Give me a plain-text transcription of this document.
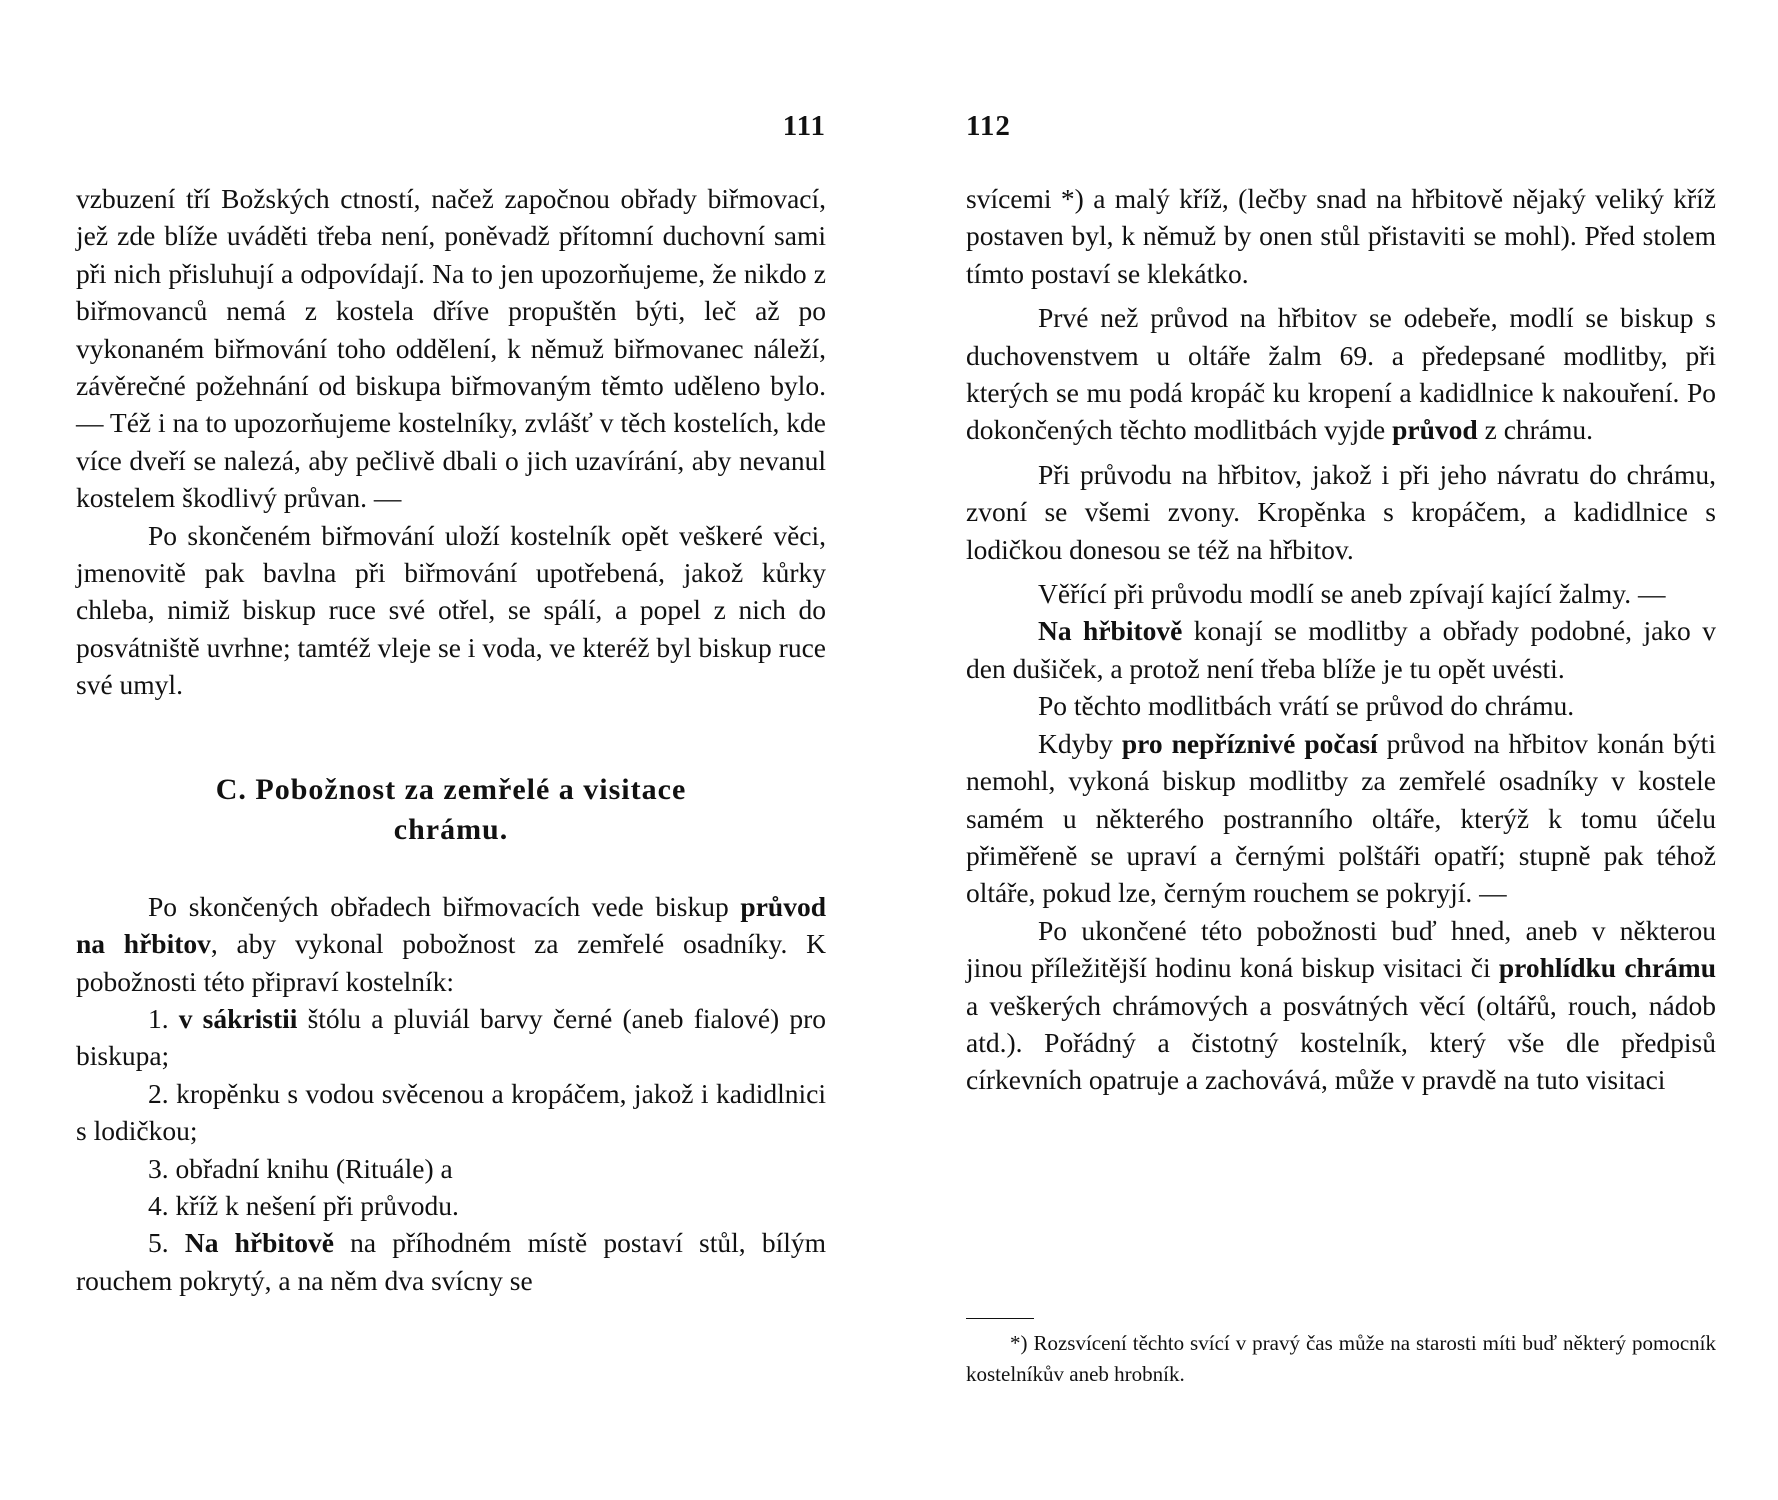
111

vzbuzení tří Božských ctností, načež započnou obřady biřmovací, jež zde blíže uváděti třeba není, poněvadž přítomní duchovní sami při nich přisluhují a odpovídají. Na to jen upozorňujeme, že nikdo z biřmovanců nemá z kostela dříve propuštěn býti, leč až po vykonaném biřmování toho oddělení, k němuž biřmovanec náleží, závěrečné požehnání od biskupa biřmovaným těmto uděleno bylo. — Též i na to upozorňujeme kostelníky, zvlášť v těch kostelích, kde více dveří se nalezá, aby pečlivě dbali o jich uzavírání, aby nevanul kostelem škodlivý průvan. —

Po skončeném biřmování uloží kostelník opět veškeré věci, jmenovitě pak bavlna při biřmování upotřebená, jakož kůrky chleba, nimiž biskup ruce své otřel, se spálí, a popel z nich do posvátniště uvrhne; tamtéž vleje se i voda, ve kteréž byl biskup ruce své umyl.

C. Pobožnost za zemřelé a visitace
chrámu.

Po skončených obřadech biřmovacích vede biskup průvod na hřbitov, aby vykonal pobožnost za zemřelé osadníky. K pobožnosti této připraví kostelník:

1. v sákristii štólu a pluviál barvy černé (aneb fialové) pro biskupa;

2. kropěnku s vodou svěcenou a kropáčem, jakož i kadidlnici s lodičkou;

3. obřadní knihu (Rituále) a

4. kříž k nešení při průvodu.

5. Na hřbitově na příhodném místě postaví stůl, bílým rouchem pokrytý, a na něm dva svícny se

112

svícemi *) a malý kříž, (lečby snad na hřbitově nějaký veliký kříž postaven byl, k němuž by onen stůl přistaviti se mohl). Před stolem tímto postaví se klekátko.

Prvé než průvod na hřbitov se odebeře, modlí se biskup s duchovenstvem u oltáře žalm 69. a předepsané modlitby, při kterých se mu podá kropáč ku kropení a kadidlnice k nakouření. Po dokončených těchto modlitbách vyjde průvod z chrámu.

Při průvodu na hřbitov, jakož i při jeho návratu do chrámu, zvoní se všemi zvony. Kropěnka s kropáčem, a kadidlnice s lodičkou donesou se též na hřbitov.

Věřící při průvodu modlí se aneb zpívají kající žalmy. —

Na hřbitově konají se modlitby a obřady podobné, jako v den dušiček, a protož není třeba blíže je tu opět uvésti.

Po těchto modlitbách vrátí se průvod do chrámu.

Kdyby pro nepříznivé počasí průvod na hřbitov konán býti nemohl, vykoná biskup modlitby za zemřelé osadníky v kostele samém u některého postranního oltáře, kterýž k tomu účelu přiměřeně se upraví a černými polštáři opatří; stupně pak téhož oltáře, pokud lze, černým rouchem se pokryjí. —

Po ukončené této pobožnosti buď hned, aneb v některou jinou příležitější hodinu koná biskup visitaci či prohlídku chrámu a veškerých chrámových a posvátných věcí (oltářů, rouch, nádob atd.). Pořádný a čistotný kostelník, který vše dle předpisů církevních opatruje a zachovává, může v pravdě na tuto visitaci

*) Rozsvícení těchto svící v pravý čas může na starosti míti buď některý pomocník kostelníkův aneb hrobník.
